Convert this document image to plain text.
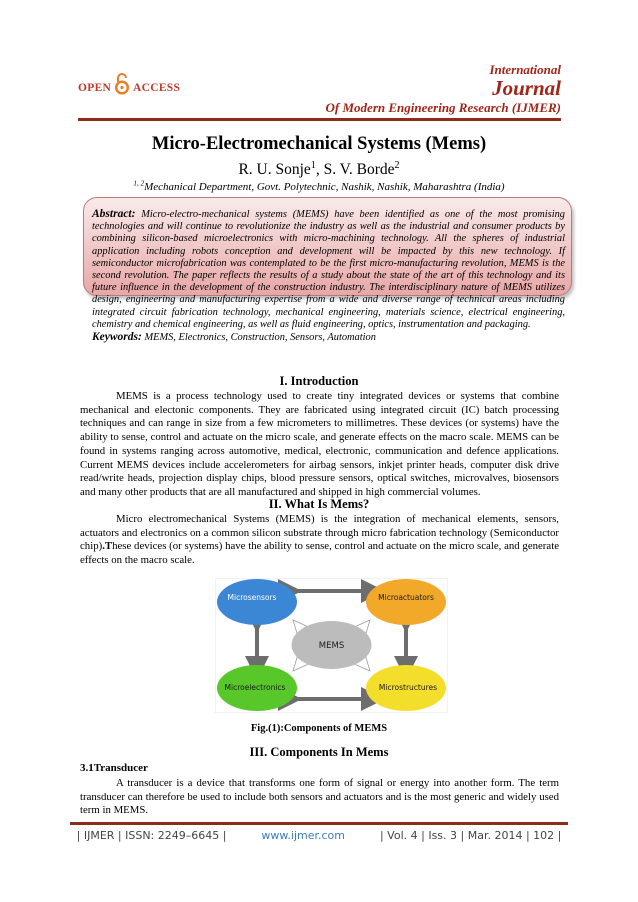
OPEN ACCESS
International
Journal
Of Modern Engineering Research (IJMER)
Micro-Electromechanical Systems (Mems)
R. U. Sonje$^1$, S. V. Borde$^2$
$^{1, 2}$Mechanical Department, Govt. Polytechnic, Nashik, Nashik, Maharashtra (India)
Abstract: Micro-electro-mechanical systems (MEMS) have been identified as one of the most promising technologies and will continue to revolutionize the industry as well as the industrial and consumer products by combining silicon-based microelectronics with micro-machining technology. All the spheres of industrial application including robots conception and development will be impacted by this new technology. If semiconductor microfabrication was contemplated to be the first micro-manufacturing revolution, MEMS is the second revolution. The paper reflects the results of a study about the state of the art of this technology and its future influence in the development of the construction industry. The interdisciplinary nature of MEMS utilizes design, engineering and manufacturing expertise from a wide and diverse range of technical areas including integrated circuit fabrication technology, mechanical engineering, materials science, electrical engineering, chemistry and chemical engineering, as well as fluid engineering, optics, instrumentation and packaging.
Keywords: MEMS, Electronics, Construction, Sensors, Automation
I. Introduction
MEMS is a process technology used to create tiny integrated devices or systems that combine mechanical and electonic components. They are fabricated using integrated circuit (IC) batch processing techniques and can range in size from a few micrometers to millimetres. These devices (or systems) have the ability to sense, control and actuate on the micro scale, and generate effects on the macro scale. MEMS can be found in systems ranging across automotive, medical, electronic, communication and defence applications. Current MEMS devices include accelerometers for airbag sensors, inkjet printer heads, computer disk drive read/write heads, projection display chips, blood pressure sensors, optical switches, microvalves, biosensors and many other products that are all manufactured and shipped in high commercial volumes.
II. What Is Mems?
Micro electromechanical Systems (MEMS) is the integration of mechanical elements, sensors, actuators and electronics on a common silicon substrate through micro fabrication technology (Semiconductor chip).These devices (or systems) have the ability to sense, control and actuate on the micro scale, and generate effects on the macro scale.
Microsensors	Microactuators
Microelectronics	Microstructures
MEMS
Fig.(1):Components of MEMS
III. Components In Mems
3.1Transducer
A transducer is a device that transforms one form of signal or energy into another form. The term transducer can therefore be used to include both sensors and actuators and is the most generic and widely used term in MEMS.
| IJMER | ISSN: 2249–6645 |	www.ijmer.com	| Vol. 4 | Iss. 3 | Mar. 2014 | 102 |
